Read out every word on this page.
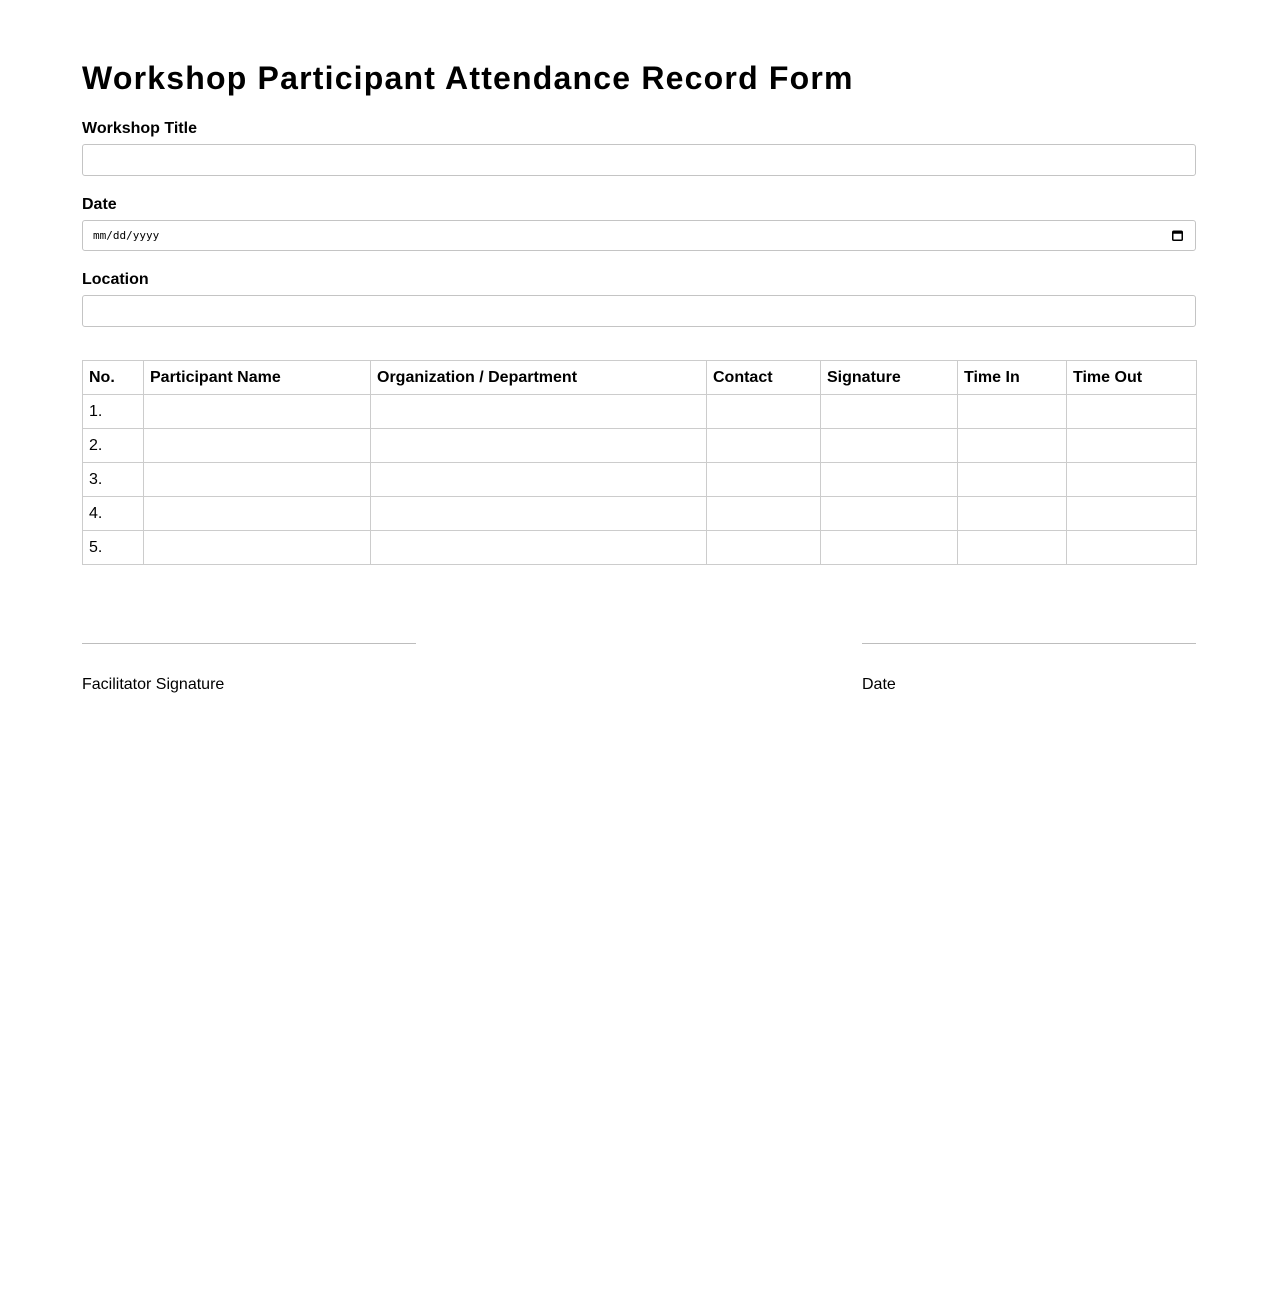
Workshop Participant Attendance Record Form
Workshop Title
Date
mm/dd/yyyy
Location
No.	Participant Name	Organization / Department	Contact	Signature	Time In	Time Out
1.						
2.						
3.						
4.						
5.						
Facilitator Signature	Date
